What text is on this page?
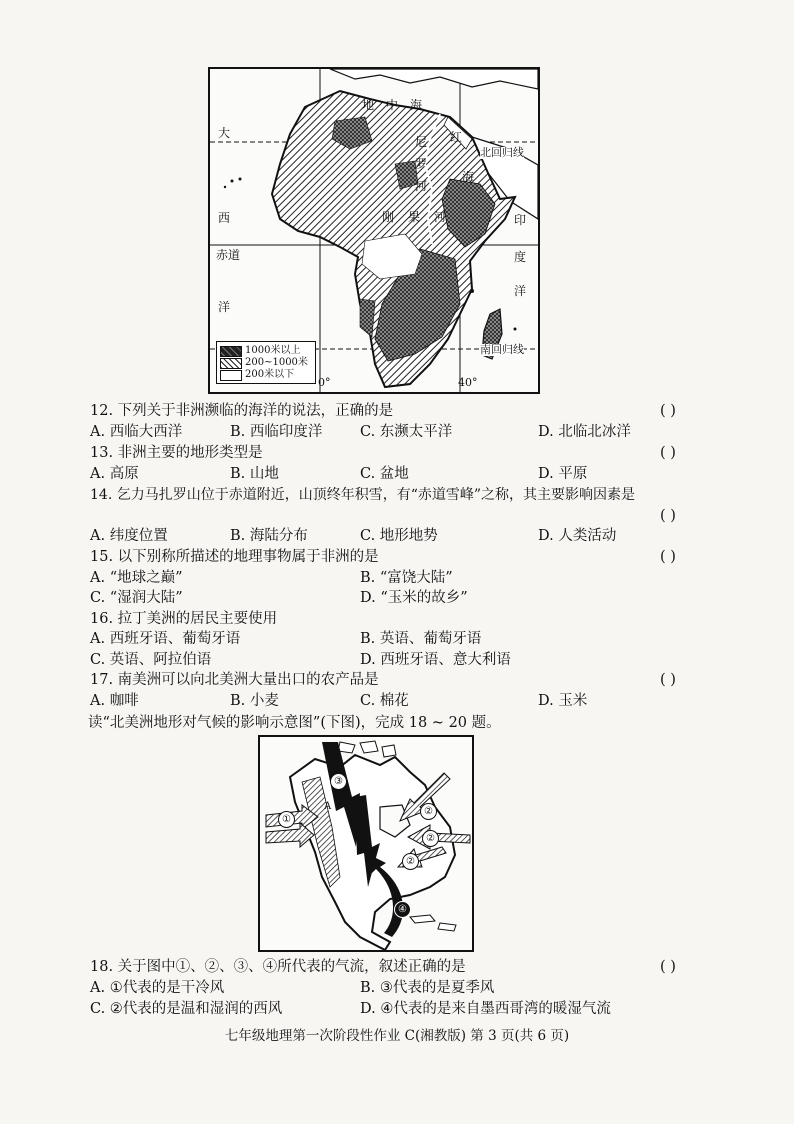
大
西
赤道
洋
地中海
尼罗河
红
海
北回归线
印
度
洋
刚果河
南回归线
0°	40°
1000米以上
200~1000米
200米以下
12. 下列关于非洲濒临的海洋的说法，正确的是	( )
A. 西临大西洋	B. 西临印度洋	C. 东濒太平洋	D. 北临北冰洋
13. 非洲主要的地形类型是	( )
A. 高原	B. 山地	C. 盆地	D. 平原
14. 乞力马扎罗山位于赤道附近，山顶终年积雪，有“赤道雪峰”之称，其主要影响因素是
( )
A. 纬度位置	B. 海陆分布	C. 地形地势	D. 人类活动
15. 以下别称所描述的地理事物属于非洲的是	( )
A. “地球之巅”	B. “富饶大陆”
C. “湿润大陆”	D. “玉米的故乡”
16. 拉丁美洲的居民主要使用
A. 西班牙语、葡萄牙语	B. 英语、葡萄牙语
C. 英语、阿拉伯语	D. 西班牙语、意大利语
17. 南美洲可以向北美洲大量出口的农产品是	( )
A. 咖啡	B. 小麦	C. 棉花	D. 玉米
读“北美洲地形对气候的影响示意图”(下图)，完成 18 ~ 20 题。
①
②
②
②
③
④
A
18. 关于图中①、②、③、④所代表的气流，叙述正确的是	( )
A. ①代表的是干冷风	B. ③代表的是夏季风
C. ②代表的是温和湿润的西风	D. ④代表的是来自墨西哥湾的暖湿气流
七年级地理第一次阶段性作业 C(湘教版) 第 3 页(共 6 页)
